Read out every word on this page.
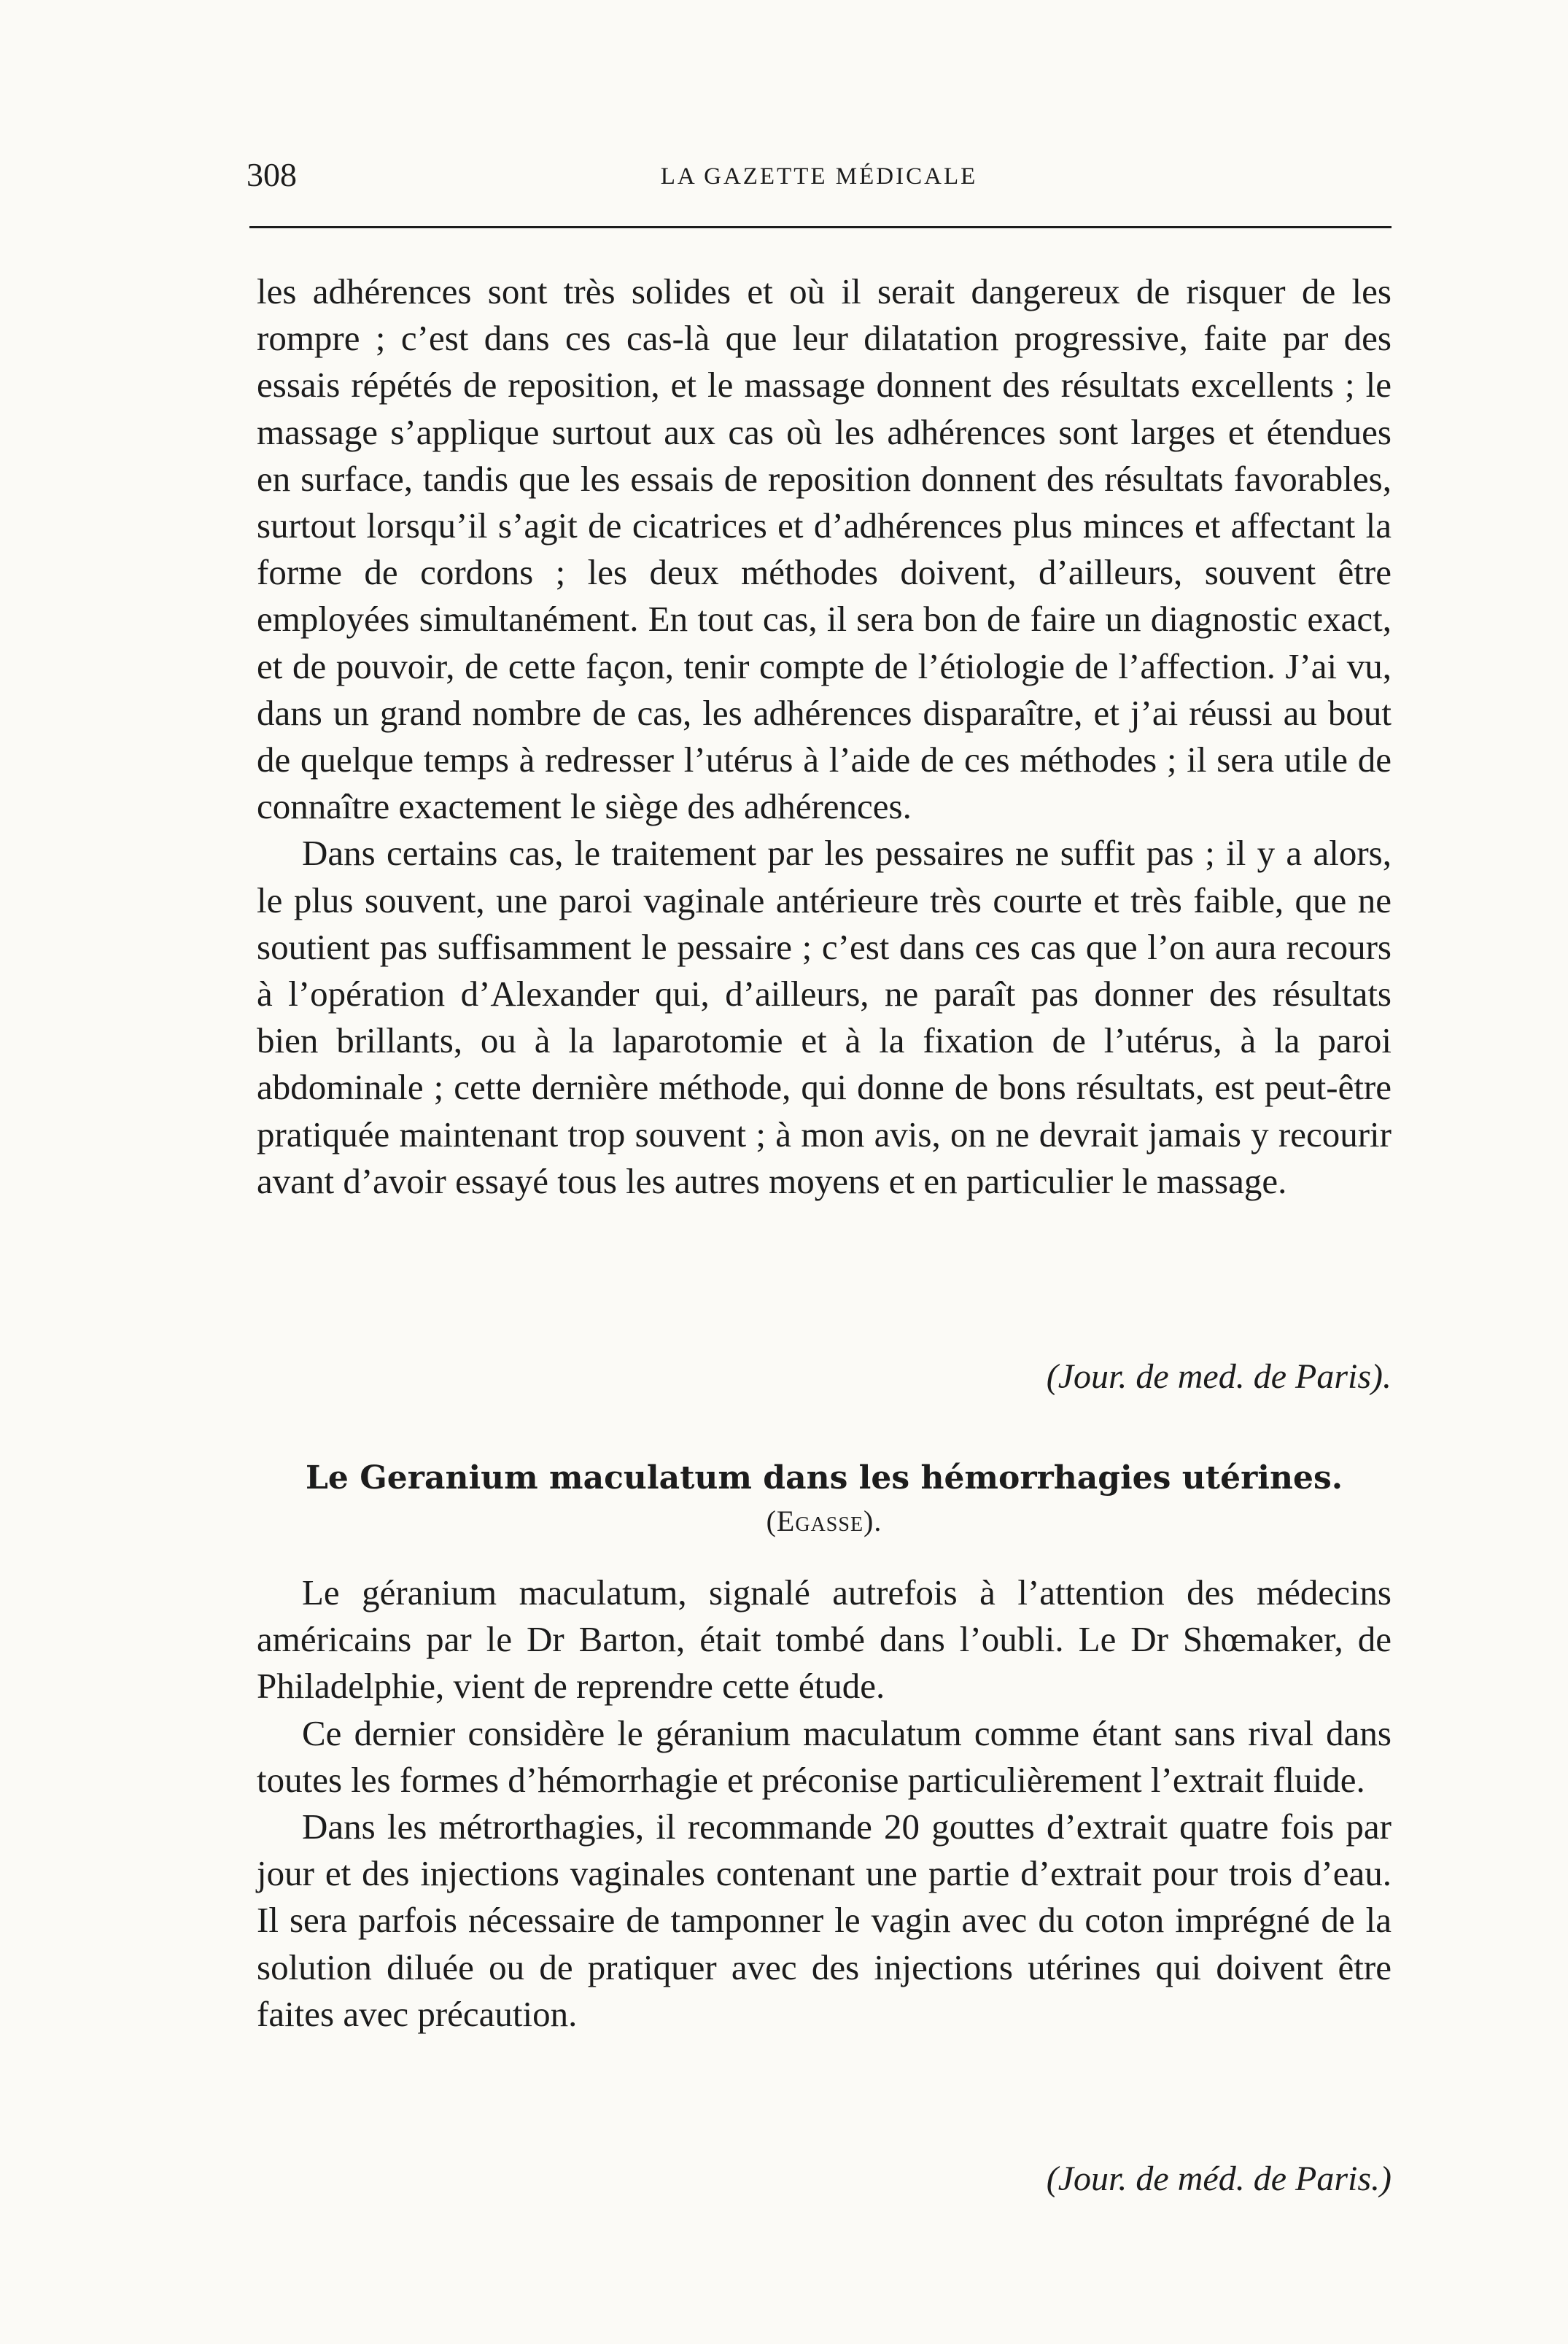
308	LA GAZETTE MÉDICALE

les adhérences sont très solides et où il serait dangereux de risquer de les rompre ; c’est dans ces cas-là que leur dilatation progressive, faite par des essais répétés de reposition, et le massage donnent des résultats excellents ; le massage s’applique surtout aux cas où les adhérences sont larges et étendues en surface, tandis que les essais de reposition donnent des résultats favorables, surtout lorsqu’il s’agit de cicatrices et d’adhérences plus minces et affectant la forme de cordons ; les deux méthodes doivent, d’ailleurs, souvent être employées simultanément. En tout cas, il sera bon de faire un diagnostic exact, et de pouvoir, de cette façon, tenir compte de l’étiologie de l’affection. J’ai vu, dans un grand nombre de cas, les adhérences disparaître, et j’ai réussi au bout de quelque temps à redresser l’utérus à l’aide de ces méthodes ; il sera utile de connaître exactement le siège des adhérences.

Dans certains cas, le traitement par les pessaires ne suffit pas ; il y a alors, le plus souvent, une paroi vaginale antérieure très courte et très faible, que ne soutient pas suffisamment le pessaire ; c’est dans ces cas que l’on aura recours à l’opération d’Alexander qui, d’ailleurs, ne paraît pas donner des résultats bien brillants, ou à la laparotomie et à la fixation de l’utérus, à la paroi abdominale ; cette dernière méthode, qui donne de bons résultats, est peut-être pratiquée maintenant trop souvent ; à mon avis, on ne devrait jamais y recourir avant d’avoir essayé tous les autres moyens et en particulier le massage.

(Jour. de med. de Paris).
Le Geranium maculatum dans les hémorrhagies utérines. (Egasse).

Le géranium maculatum, signalé autrefois à l’attention des médecins américains par le Dr Barton, était tombé dans l’oubli. Le Dr Shœmaker, de Philadelphie, vient de reprendre cette étude.

Ce dernier considère le géranium maculatum comme étant sans rival dans toutes les formes d’hémorrhagie et préconise particulièrement l’extrait fluide.

Dans les métrorthagies, il recommande 20 gouttes d’extrait quatre fois par jour et des injections vaginales contenant une partie d’extrait pour trois d’eau. Il sera parfois nécessaire de tamponner le vagin avec du coton imprégné de la solution diluée ou de pratiquer avec des injections utérines qui doivent être faites avec précaution.

(Jour. de méd. de Paris.)
